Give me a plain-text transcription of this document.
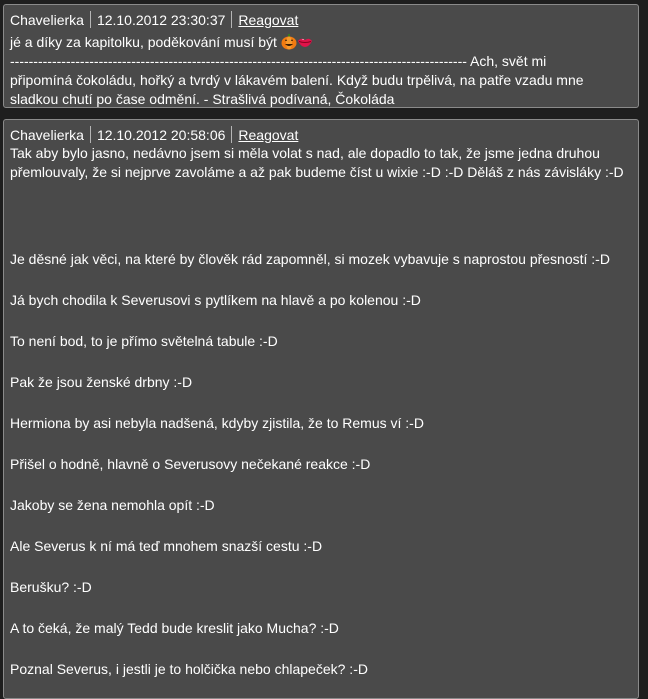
Chavelierka 12.10.2012 23:30:37 Reagovat
jé a díky za kapitolku, poděkování musí být
-------------------------------------------------------------------------------------------------- Ach, svět mi
připomíná čokoládu, hořký a tvrdý v lákavém balení. Když budu trpělivá, na patře vzadu mne
sladkou chutí po čase odmění. - Strašlivá podívaná, Čokoláda
Chavelierka 12.10.2012 20:58:06 Reagovat
Tak aby bylo jasno, nedávno jsem si měla volat s nad, ale dopadlo to tak, že jsme jedna druhou
přemlouvaly, že si nejprve zavoláme a až pak budeme číst u wixie :-D :-D Děláš z nás závisláky :-D
Je děsné jak věci, na které by člověk rád zapomněl, si mozek vybavuje s naprostou přesností :-D
Já bych chodila k Severusovi s pytlíkem na hlavě a po kolenou :-D
To není bod, to je přímo světelná tabule :-D
Pak že jsou ženské drbny :-D
Hermiona by asi nebyla nadšená, kdyby zjistila, že to Remus ví :-D
Přišel o hodně, hlavně o Severusovy nečekané reakce :-D
Jakoby se žena nemohla opít :-D
Ale Severus k ní má teď mnohem snazší cestu :-D
Berušku? :-D
A to čeká, že malý Tedd bude kreslit jako Mucha? :-D
Poznal Severus, i jestli je to holčička nebo chlapeček? :-D
